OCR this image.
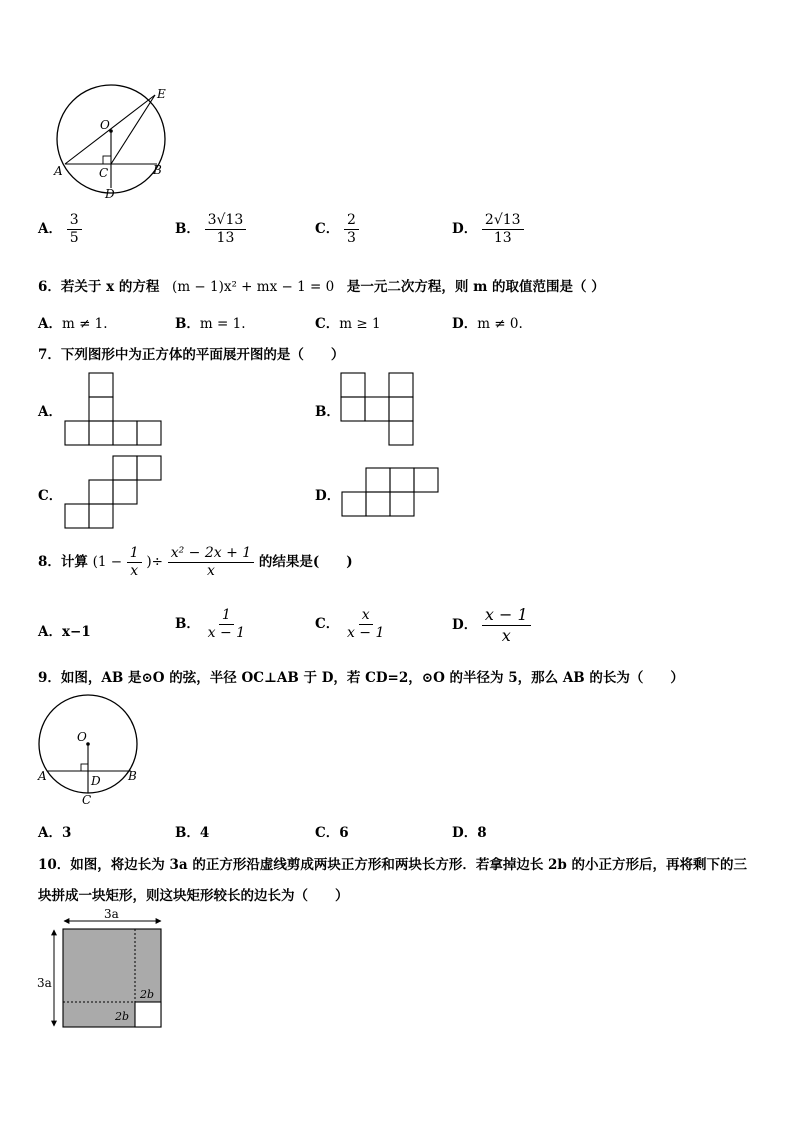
E
O
A	C	B
D
A． $\frac{3}{5}$	B． $\frac{3√13}{13}$	C． $\frac{2}{3}$	D． $\frac{2√13}{13}$
6．若关于 x 的方程 (m − 1)x² + mx − 1 = 0 是一元二次方程，则 m 的取值范围是（ ）
A．m ≠ 1.	B．m = 1.	C．m ≥ 1	D．m ≠ 0.
7．下列图形中为正方体的平面展开图的是（　　）
A．	B．
C．	D．
8．计算 ($1 - \frac{1}{x}$ )÷ $\frac{\text{x² − 2x + 1}}{x}$ 的结果是(　　)
A．x−1	B． $\frac{1}{x - 1}$	C． $\frac{x}{x - 1}$	D． $\frac{x - 1}{x}$
9．如图，AB 是⊙O 的弦，半径 OC⊥AB 于 D，若 CD=2，⊙O 的半径为 5，那么 AB 的长为（　　）
O
A	D B
C
A．3	B．4	C．6	D．8
10．如图，将边长为 3a 的正方形沿虚线剪成两块正方形和两块长方形．若拿掉边长 2b 的小正方形后，再将剩下的三
块拼成一块矩形，则这块矩形较长的边长为（　　）
3a
3a
2b
2b
